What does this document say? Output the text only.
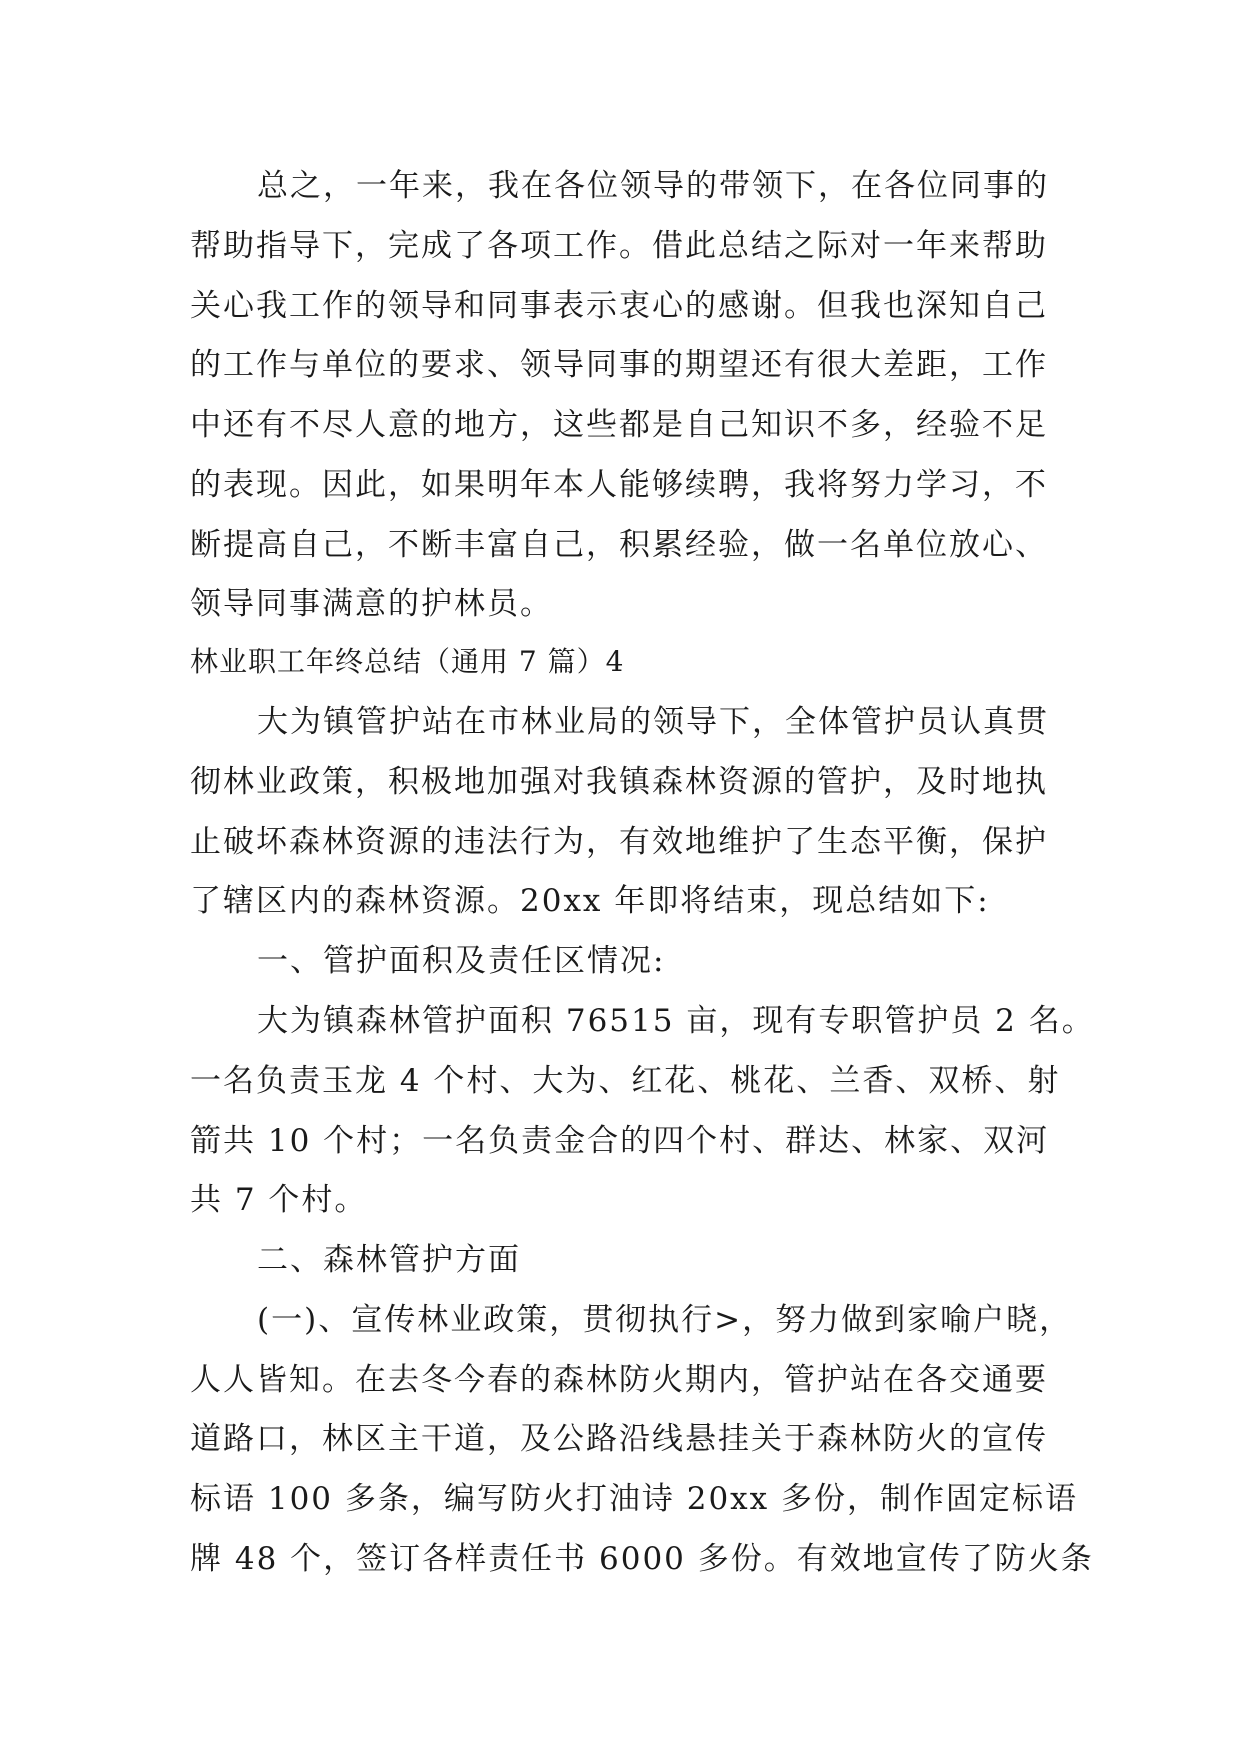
总之，一年来，我在各位领导的带领下，在各位同事的
帮助指导下，完成了各项工作。借此总结之际对一年来帮助
关心我工作的领导和同事表示衷心的感谢。但我也深知自己
的工作与单位的要求、领导同事的期望还有很大差距，工作
中还有不尽人意的地方，这些都是自己知识不多，经验不足
的表现。因此，如果明年本人能够续聘，我将努力学习，不
断提高自己，不断丰富自己，积累经验，做一名单位放心、
领导同事满意的护林员。
林业职工年终总结（通用 7 篇）4
大为镇管护站在市林业局的领导下，全体管护员认真贯
彻林业政策，积极地加强对我镇森林资源的管护，及时地执
止破坏森林资源的违法行为，有效地维护了生态平衡，保护
了辖区内的森林资源。20xx 年即将结束，现总结如下:
一、管护面积及责任区情况:
大为镇森林管护面积 76515 亩，现有专职管护员 2 名。
一名负责玉龙 4 个村、大为、红花、桃花、兰香、双桥、射
箭共 10 个村；一名负责金合的四个村、群达、林家、双河
共 7 个村。
二、森林管护方面
(一)、宣传林业政策，贯彻执行>，努力做到家喻户晓，
人人皆知。在去冬今春的森林防火期内，管护站在各交通要
道路口，林区主干道，及公路沿线悬挂关于森林防火的宣传
标语 100 多条，编写防火打油诗 20xx 多份，制作固定标语
牌 48 个，签订各样责任书 6000 多份。有效地宣传了防火条
